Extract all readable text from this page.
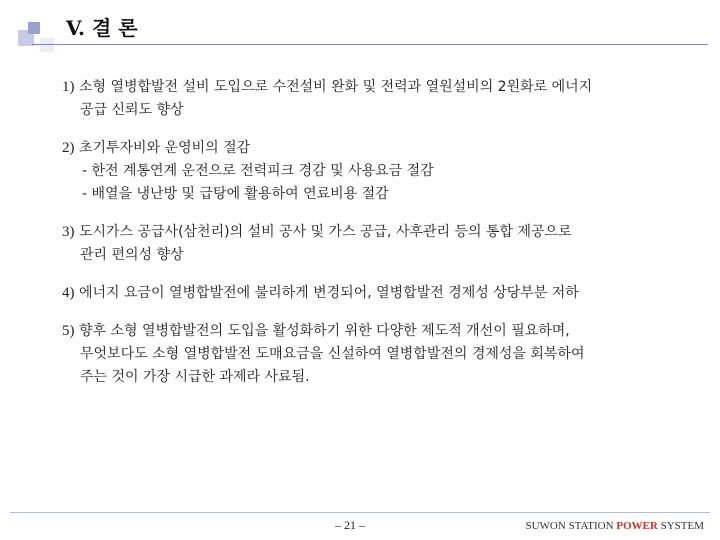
V. 결 론
1) 소형 열병합발전 설비 도입으로 수전설비 완화 및 전력과 열원설비의 2원화로 에너지
공급 신뢰도 향상
2) 초기투자비와 운영비의 절감
- 한전 계통연계 운전으로 전력피크 경감 및 사용요금 절감
- 배열을 냉난방 및 급탕에 활용하여 연료비용 절감
3) 도시가스 공급사(삼천리)의 설비 공사 및 가스 공급, 사후관리 등의 통합 제공으로
관리 편의성 향상
4) 에너지 요금이 열병합발전에 불리하게 변경되어, 열병합발전 경제성 상당부분 저하
5) 향후 소형 열병합발전의 도입을 활성화하기 위한 다양한 제도적 개선이 필요하며,
무엇보다도 소형 열병합발전 도매요금을 신설하여 열병합발전의 경제성을 회복하여
주는 것이 가장 시급한 과제라 사료됨.
– 21 –	SUWON STATION POWER SYSTEM
